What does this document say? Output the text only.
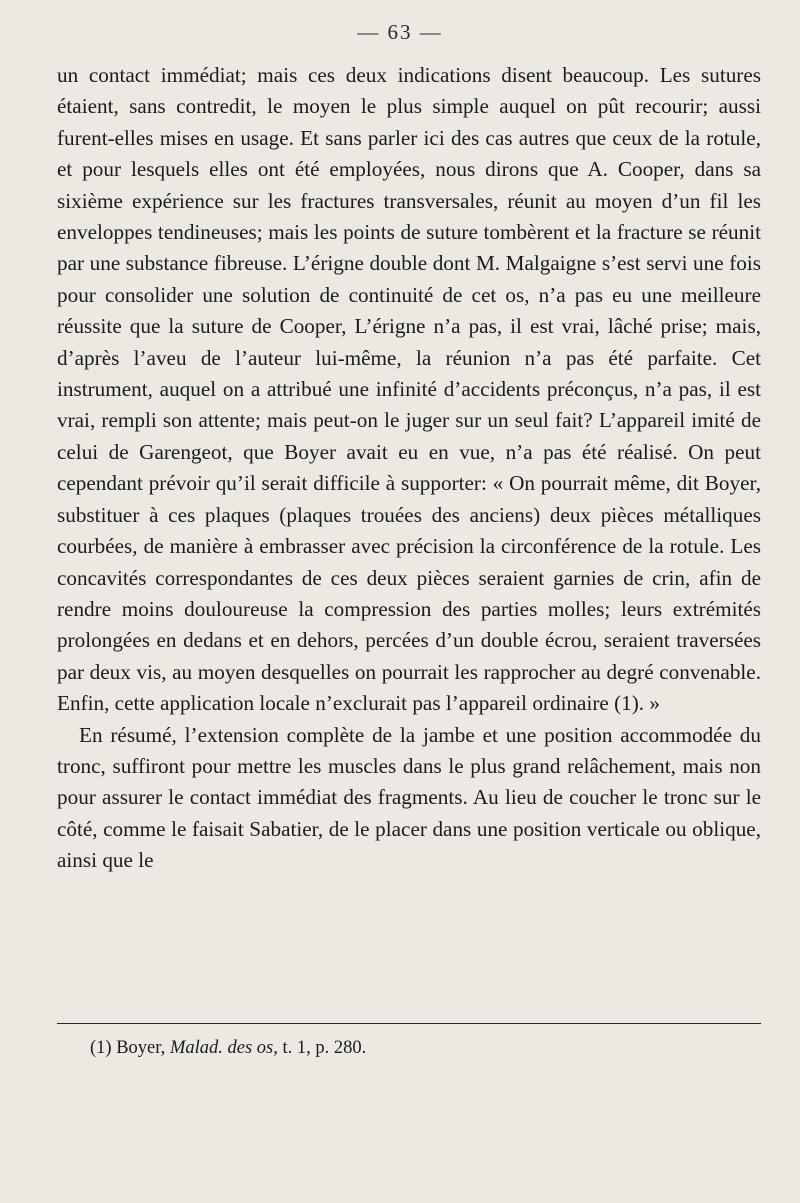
— 63 —

un contact immédiat; mais ces deux indications disent beaucoup. Les sutures étaient, sans contredit, le moyen le plus simple auquel on pût recourir; aussi furent-elles mises en usage. Et sans parler ici des cas autres que ceux de la rotule, et pour lesquels elles ont été employées, nous dirons que A. Cooper, dans sa sixième expérience sur les fractures transversales, réunit au moyen d’un fil les enveloppes tendineuses; mais les points de suture tombèrent et la fracture se réunit par une substance fibreuse. L’érigne double dont M. Malgaigne s’est servi une fois pour consolider une solution de continuité de cet os, n’a pas eu une meilleure réussite que la suture de Cooper, L’érigne n’a pas, il est vrai, lâché prise; mais, d’après l’aveu de l’auteur lui-même, la réunion n’a pas été parfaite. Cet instrument, auquel on a attribué une infinité d’accidents préconçus, n’a pas, il est vrai, rempli son attente; mais peut-on le juger sur un seul fait? L’appareil imité de celui de Garengeot, que Boyer avait eu en vue, n’a pas été réalisé. On peut cependant prévoir qu’il serait difficile à supporter: « On pourrait même, dit Boyer, substituer à ces plaques (plaques trouées des anciens) deux pièces métalliques courbées, de manière à embrasser avec précision la circonférence de la rotule. Les concavités correspondantes de ces deux pièces seraient garnies de crin, afin de rendre moins douloureuse la compression des parties molles; leurs extrémités prolongées en dedans et en dehors, percées d’un double écrou, seraient traversées par deux vis, au moyen desquelles on pourrait les rapprocher au degré convenable. Enfin, cette application locale n’exclurait pas l’appareil ordinaire (1). »

En résumé, l’extension complète de la jambe et une position accommodée du tronc, suffiront pour mettre les muscles dans le plus grand relâchement, mais non pour assurer le contact immédiat des fragments. Au lieu de coucher le tronc sur le côté, comme le faisait Sabatier, de le placer dans une position verticale ou oblique, ainsi que le

(1) Boyer, Malad. des os, t. 1, p. 280.
